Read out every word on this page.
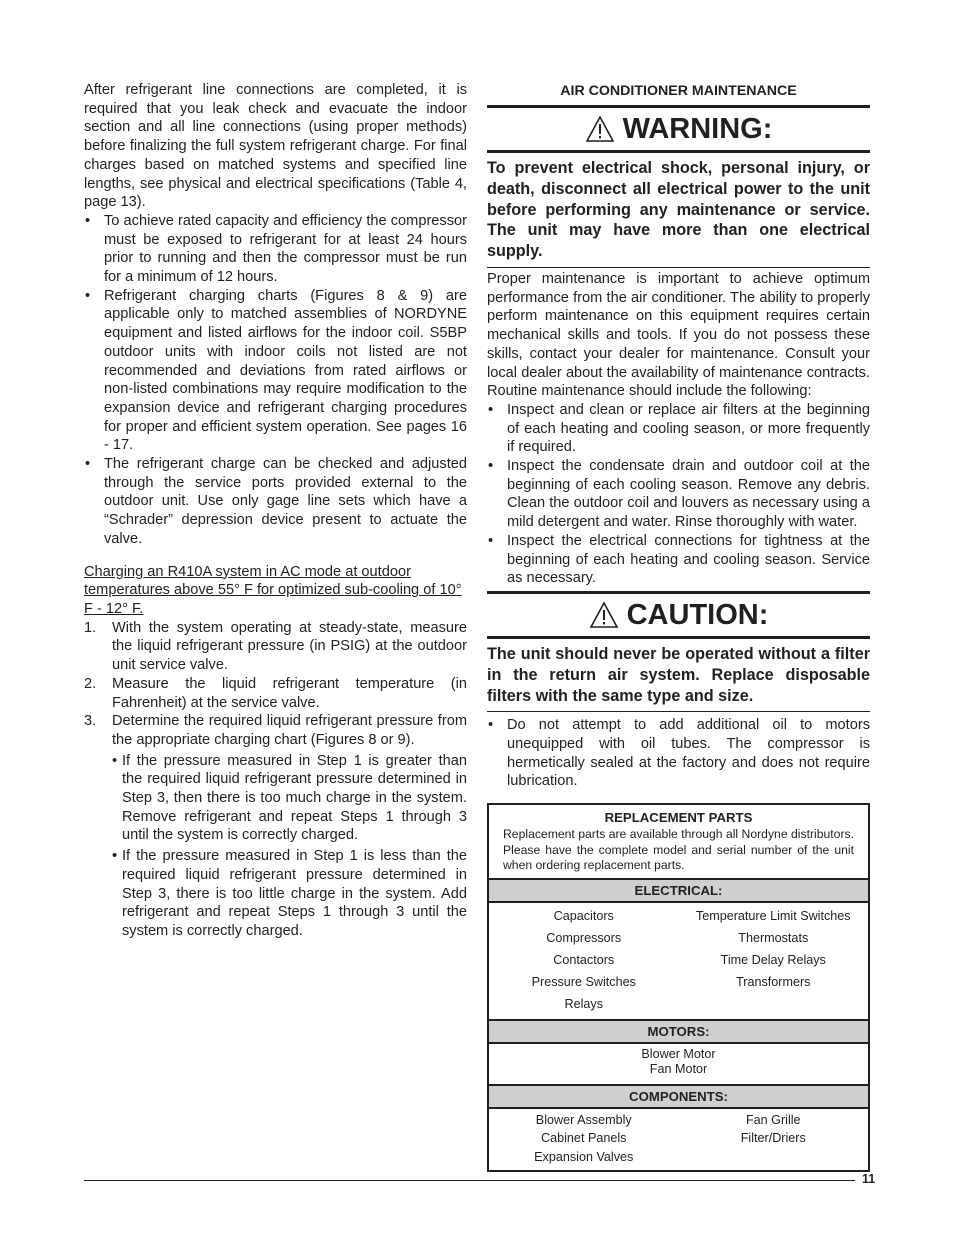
After refrigerant line connections are completed, it is required that you leak check and evacuate the indoor section and all line connections (using proper methods) before finalizing the full system refrigerant charge. For final charges based on matched systems and specified line lengths, see physical and electrical specifications (Table 4, page 13).

• To achieve rated capacity and efficiency the compressor must be exposed to refrigerant for at least 24 hours prior to running and then the compressor must be run for a minimum of 12 hours.
• Refrigerant charging charts (Figures 8 & 9) are applicable only to matched assemblies of NORDYNE equipment and listed airflows for the indoor coil. S5BP outdoor units with indoor coils not listed are not recommended and deviations from rated airflows or non-listed combinations may require modification to the expansion device and refrigerant charging procedures for proper and efficient system operation. See pages 16 - 17.
• The refrigerant charge can be checked and adjusted through the service ports provided external to the outdoor unit. Use only gage line sets which have a “Schrader” depression device present to actuate the valve.

Charging an R410A system in AC mode at outdoor temperatures above 55° F for optimized sub-cooling of 10° F - 12° F.

1. With the system operating at steady-state, measure the liquid refrigerant pressure (in PSIG) at the outdoor unit service valve.
2. Measure the liquid refrigerant temperature (in Fahrenheit) at the service valve.
3. Determine the required liquid refrigerant pressure from the appropriate charging chart (Figures 8 or 9).
• If the pressure measured in Step 1 is greater than the required liquid refrigerant pressure determined in Step 3, then there is too much charge in the system. Remove refrigerant and repeat Steps 1 through 3 until the system is correctly charged.
• If the pressure measured in Step 1 is less than the required liquid refrigerant pressure determined in Step 3, there is too little charge in the system. Add refrigerant and repeat Steps 1 through 3 until the system is correctly charged.
AIR CONDITIONER MAINTENANCE
WARNING:

To prevent electrical shock, personal injury, or death, disconnect all electrical power to the unit before performing any maintenance or service. The unit may have more than one electrical supply.

Proper maintenance is important to achieve optimum performance from the air conditioner. The ability to properly perform maintenance on this equipment requires certain mechanical skills and tools. If you do not possess these skills, contact your dealer for maintenance. Consult your local dealer about the availability of maintenance contracts. Routine maintenance should include the following:

• Inspect and clean or replace air filters at the beginning of each heating and cooling season, or more frequently if required.
• Inspect the condensate drain and outdoor coil at the beginning of each cooling season. Remove any debris. Clean the outdoor coil and louvers as necessary using a mild detergent and water. Rinse thoroughly with water.
• Inspect the electrical connections for tightness at the beginning of each heating and cooling season. Service as necessary.
CAUTION:

The unit should never be operated without a filter in the return air system. Replace disposable filters with the same type and size.

• Do not attempt to add additional oil to motors unequipped with oil tubes. The compressor is hermetically sealed at the factory and does not require lubrication.
REPLACEMENT PARTS
Replacement parts are available through all Nordyne distributors. Please have the complete model and serial number of the unit when ordering replacement parts.
ELECTRICAL:
Capacitors	Temperature Limit Switches
Compressors	Thermostats
Contactors	Time Delay Relays
Pressure Switches	Transformers
Relays
MOTORS:
Blower Motor
Fan Motor
COMPONENTS:
Blower Assembly	Fan Grille
Cabinet Panels	Filter/Driers
Expansion Valves
11
